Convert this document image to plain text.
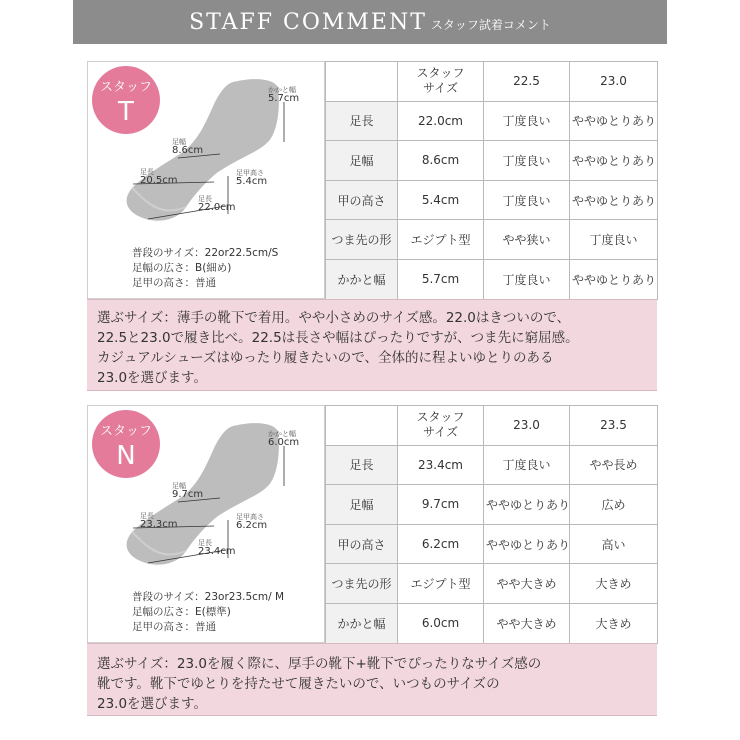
STAFF COMMENT スタッフ試着コメント
スタッフ
T
かかと幅
5.7cm
足幅
8.6cm
足甲高さ
5.4cm
足長
20.5cm
足長
22.0cm
普段のサイズ：22or22.5cm/S
足幅の広さ：B(細め)
足甲の高さ：普通
	スタッフ
サイズ	22.5	23.0
足長	22.0cm	丁度良い	ややゆとりあり
足幅	8.6cm	丁度良い	ややゆとりあり
甲の高さ	5.4cm	丁度良い	ややゆとりあり
つま先の形	エジプト型	やや狭い	丁度良い
かかと幅	5.7cm	丁度良い	ややゆとりあり

選ぶサイズ：薄手の靴下で着用。やや小さめのサイズ感。22.0はきついので、

22.5と23.0で履き比べ。22.5は長さや幅はぴったりですが、つま先に窮屈感。

カジュアルシューズはゆったり履きたいので、全体的に程よいゆとりのある

23.0を選びます。

スタッフ
N
かかと幅
6.0cm
足幅
9.7cm
足甲高さ
6.2cm
足長
23.3cm
足長
23.4cm
普段のサイズ：23or23.5cm/ M
足幅の広さ：E(標準)
足甲の高さ：普通
	スタッフ
サイズ	23.0	23.5
足長	23.4cm	丁度良い	やや長め
足幅	9.7cm	ややゆとりあり	広め
甲の高さ	6.2cm	ややゆとりあり	高い
つま先の形	エジプト型	やや大きめ	大きめ
かかと幅	6.0cm	やや大きめ	大きめ

選ぶサイズ：23.0を履く際に、厚手の靴下+靴下でぴったりなサイズ感の

靴です。靴下でゆとりを持たせて履きたいので、いつものサイズの

23.0を選びます。
